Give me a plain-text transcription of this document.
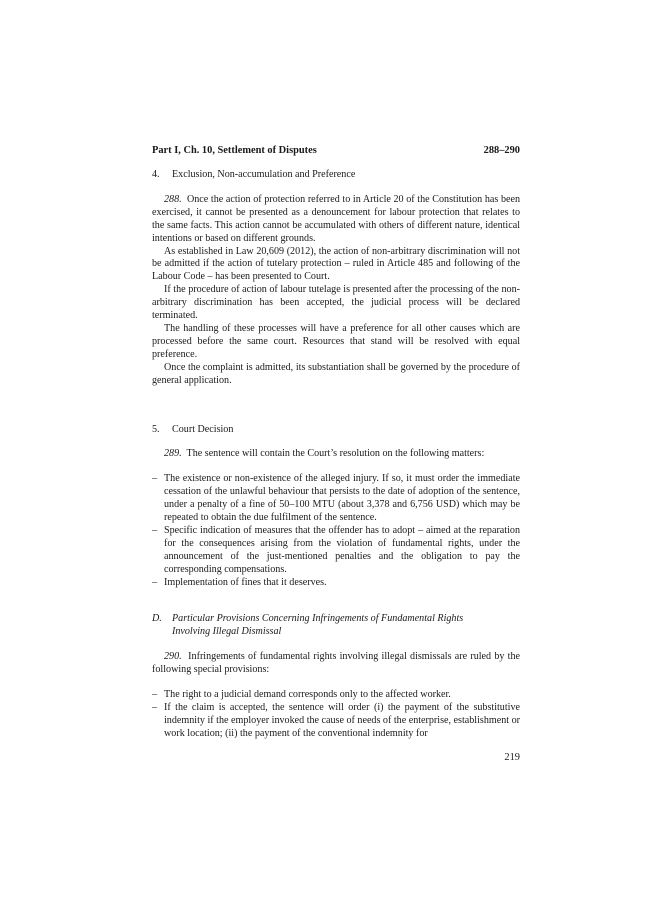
Part I, Ch. 10, Settlement of Disputes	288–290
4. Exclusion, Non-accumulation and Preference

288. Once the action of protection referred to in Article 20 of the Constitution has been exercised, it cannot be presented as a denouncement for labour protection that relates to the same facts. This action cannot be accumulated with others of different nature, identical intentions or based on different grounds.

As established in Law 20,609 (2012), the action of non-arbitrary discrimination will not be admitted if the action of tutelary protection – ruled in Article 485 and following of the Labour Code – has been presented to Court.

If the procedure of action of labour tutelage is presented after the processing of the non-arbitrary discrimination has been accepted, the judicial process will be declared terminated.

The handling of these processes will have a preference for all other causes which are processed before the same court. Resources that stand will be resolved with equal preference.

Once the complaint is admitted, its substantiation shall be governed by the procedure of general application.

5. Court Decision

289. The sentence will contain the Court’s resolution on the following matters:

– The existence or non-existence of the alleged injury. If so, it must order the immediate cessation of the unlawful behaviour that persists to the date of adoption of the sentence, under a penalty of a fine of 50–100 MTU (about 3,378 and 6,756 USD) which may be repeated to obtain the due fulfilment of the sentence.
– Specific indication of measures that the offender has to adopt – aimed at the reparation for the consequences arising from the violation of fundamental rights, under the announcement of the just-mentioned penalties and the obligation to pay the corresponding compensations.
– Implementation of fines that it deserves.
D. Particular Provisions Concerning Infringements of Fundamental Rights
Involving Illegal Dismissal

290. Infringements of fundamental rights involving illegal dismissals are ruled by the following special provisions:

– The right to a judicial demand corresponds only to the affected worker.
– If the claim is accepted, the sentence will order (i) the payment of the substitutive indemnity if the employer invoked the cause of needs of the enterprise, establishment or work location; (ii) the payment of the conventional indemnity for
219
